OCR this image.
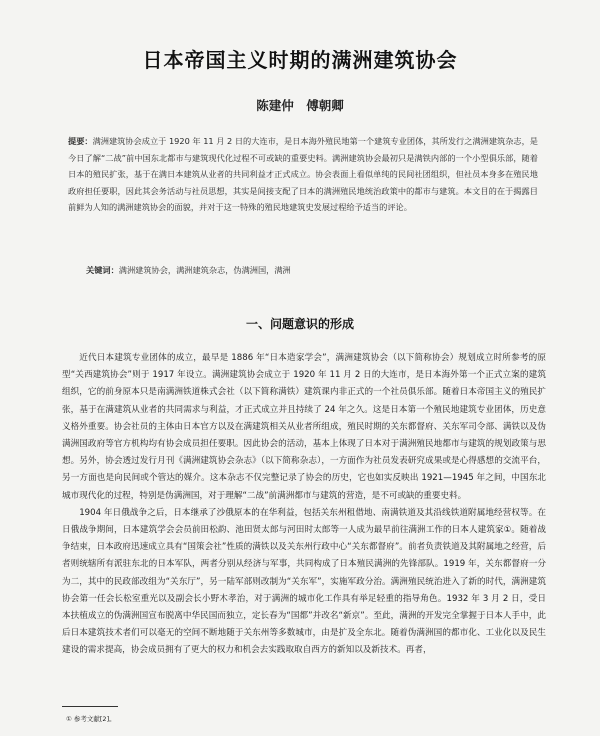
日本帝国主义时期的满洲建筑协会
陈建仲　傅朝卿
提要：满洲建筑协会成立于 1920 年 11 月 2 日的大连市，是日本海外殖民地第一个建筑专业团体，其所发行之满洲建筑杂志，是今日了解“二战”前中国东北都市与建筑现代化过程不可或缺的重要史料。满洲建筑协会最初只是满铁内部的一个小型俱乐部，随着日本的殖民扩张，基于在满日本建筑从业者的共同利益才正式成立。协会表面上看似单纯的民间社团组织，但社员本身多在殖民地政府担任要职，因此其会务活动与社员思想，其实是间接支配了日本的满洲殖民地统治政策中的都市与建筑。本文目的在于揭露目前鲜为人知的满洲建筑协会的面貌，并对于这一特殊的殖民地建筑史发展过程给予适当的评论。
关键词：满洲建筑协会，满洲建筑杂志，伪满洲国，满洲
一、问题意识的形成

近代日本建筑专业团体的成立，最早是 1886 年“日本造家学会”，满洲建筑协会（以下简称协会）规划成立时所参考的原型“关西建筑协会”则于 1917 年设立。满洲建筑协会成立于 1920 年 11 月 2 日的大连市，是日本海外第一个正式立案的建筑组织，它的前身原本只是南满洲铁道株式会社（以下简称满铁）建筑课内非正式的一个社员俱乐部。随着日本帝国主义的殖民扩张，基于在满建筑从业者的共同需求与利益，才正式成立并且持续了 24 年之久。这是日本第一个殖民地建筑专业团体，历史意义格外重要。协会社员的主体由日本官方以及在满建筑相关从业者所组成，殖民时期的关东都督府、关东军司令部、满铁以及伪满洲国政府等官方机构均有协会成员担任要职。因此协会的活动，基本上体现了日本对于满洲殖民地都市与建筑的规划政策与思想。另外，协会透过发行月刊《满洲建筑协会杂志》（以下简称杂志），一方面作为社员发表研究成果或是心得感想的交流平台，另一方面也是向民间或个管达的媒介。这本杂志不仅完整记录了协会的历史，它也如实反映出 1921—1945 年之间，中国东北城市现代化的过程，特别是伪满洲国，对于理解“二战”前满洲都市与建筑的营造，是不可或缺的重要史料。

1904 年日俄战争之后，日本继承了沙俄原本的在华利益，包括关东州租借地、南满铁道及其沿线铁道附属地经营权等。在日俄战争期间，日本建筑学会会员前田松韵、池田贤太郎与河田时太郎等一人成为最早前往满洲工作的日本人建筑家①。随着战争结束，日本政府迅速成立具有“国策会社”性质的满铁以及关东州行政中心“关东都督府”。前者负责铁道及其附属地之经营，后者则统辖所有派驻东北的日本军队，两者分别从经济与军事，共同构成了日本殖民满洲的先锋部队。1919 年，关东都督府一分为二，其中的民政部改组为“关东厅”，另一陆军部则改制为“关东军”，实施军政分治。满洲殖民统治进入了新的时代，满洲建筑协会第一任会长松室重光以及副会长小野木孝治，对于满洲的城市化工作具有举足轻重的指导角色。1932 年 3 月 2 日，受日本扶植成立的伪满洲国宣布脱离中华民国而独立，定长春为“国都”并改名“新京”。至此，满洲的开发完全掌握于日本人手中，此后日本建筑技术者们可以毫无的空间不断地随于关东州等多数城市，由是扩及全东北。随着伪满洲国的都市化、工业化以及民生建设的需求提高，协会成员拥有了更大的权力和机会去实践取取自西方的新知以及新技术。再者，

① 参考文献[2]。
